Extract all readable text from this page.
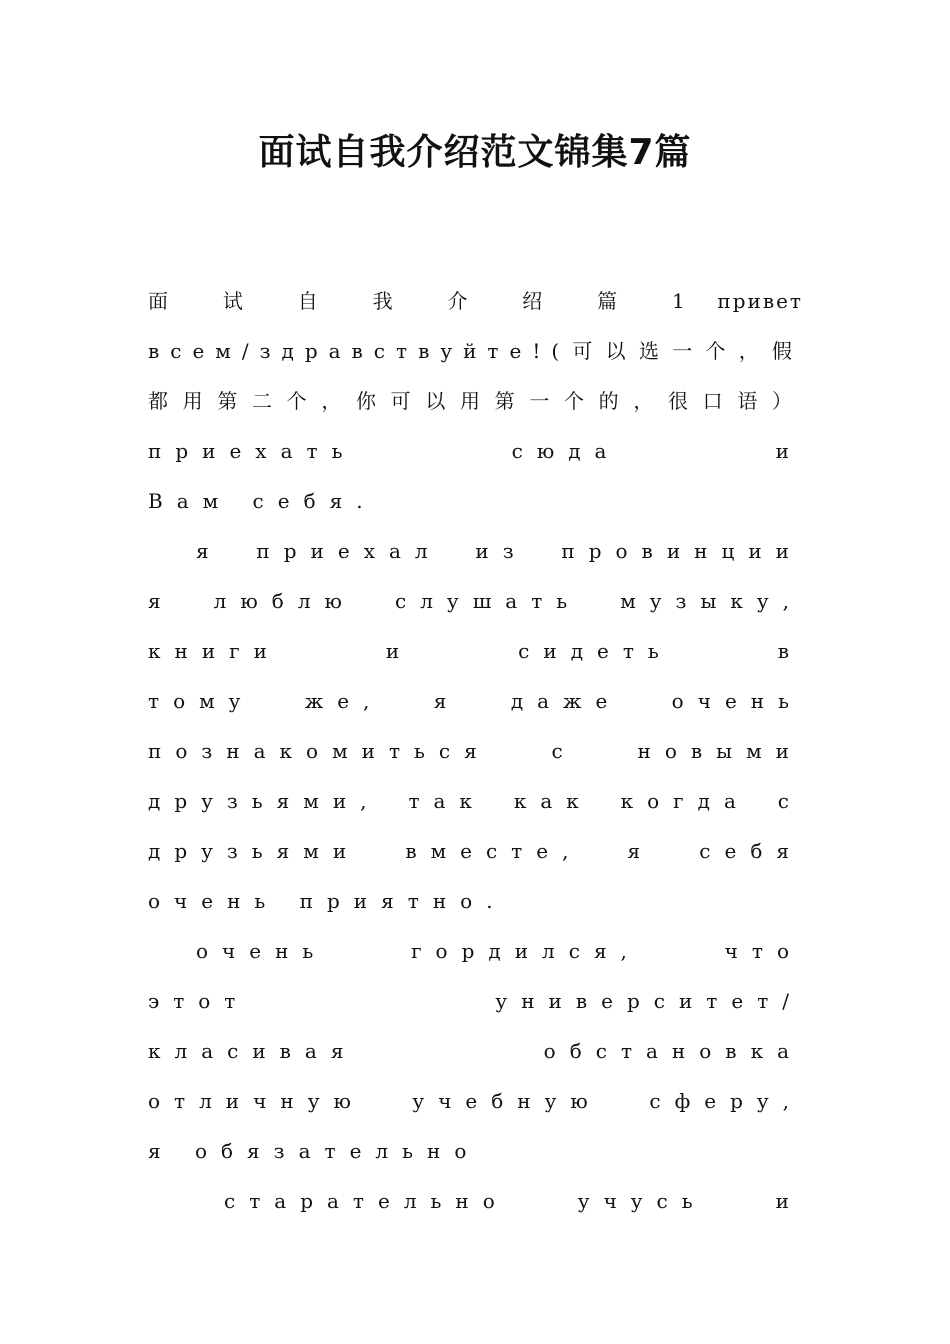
面试自我介绍范文锦集7篇
面 试 自 我 介 绍 篇 1 привет
всем/здравствуйте!(可以选一个，假
都用第二个，你可以用第一个的，很口语）
приехать сюда и
Вам себя.
я приехал из провинции
я люблю слушать музыку,
книги и сидеть в
тому же, я даже очень
познакомиться с новыми
друзьями, так как когда с
друзьями вместе, я себя
очень приятно.
очень гордился, что
этот университет/
класивая обстановка
отличную учебную сферу,
я обязательно
старательно учусь и
